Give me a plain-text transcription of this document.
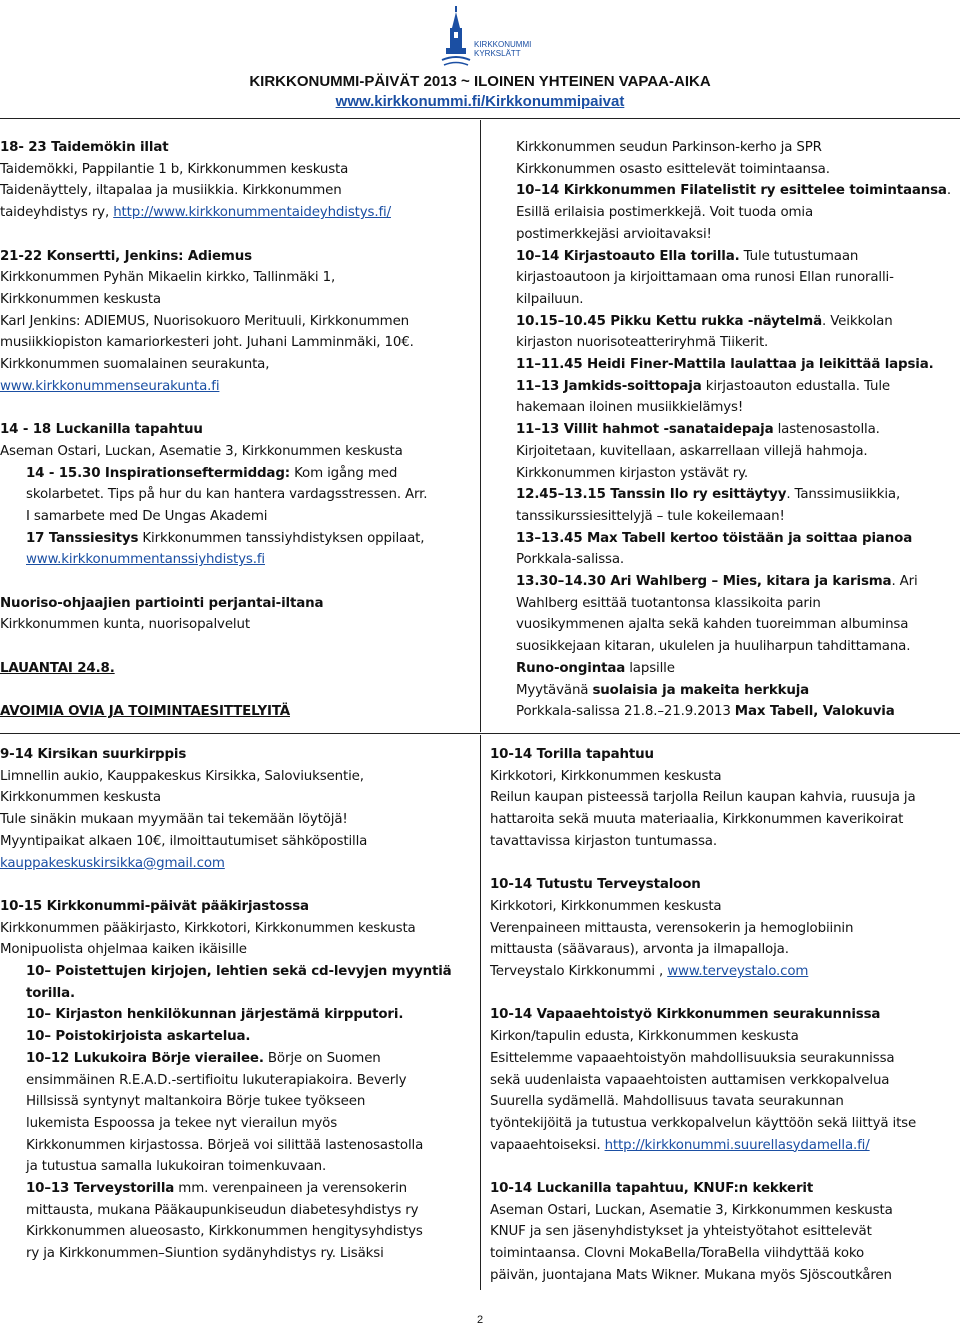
KIRKKONUMMI
KYRKSLÄTT
KIRKKONUMMI-PÄIVÄT 2013 ~ ILOINEN YHTEINEN VAPAA-AIKA
www.kirkkonummi.fi/Kirkkonummipaivat
18- 23 Taidemökin illat
Taidemökki, Pappilantie 1 b, Kirkkonummen keskusta
Taidenäyttely, iltapalaa ja musiikkia. Kirkkonummen
taideyhdistys ry, http://www.kirkkonummentaideyhdistys.fi/
21-22 Konsertti, Jenkins: Adiemus
Kirkkonummen Pyhän Mikaelin kirkko, Tallinmäki 1,
Kirkkonummen keskusta
Karl Jenkins: ADIEMUS, Nuorisokuoro Merituuli, Kirkkonummen
musiikkiopiston kamariorkesteri joht. Juhani Lamminmäki, 10€.
Kirkkonummen suomalainen seurakunta,
www.kirkkonummenseurakunta.fi
14 - 18 Luckanilla tapahtuu
Aseman Ostari, Luckan, Asematie 3, Kirkkonummen keskusta
14 - 15.30 Inspirationseftermiddag: Kom igång med
skolarbetet. Tips på hur du kan hantera vardagsstressen. Arr.
I samarbete med De Ungas Akademi
17 Tanssiesitys Kirkkonummen tanssiyhdistyksen oppilaat,
www.kirkkonummentanssiyhdistys.fi
Nuoriso-ohjaajien partiointi perjantai-iltana
Kirkkonummen kunta, nuorisopalvelut
LAUANTAI 24.8.
AVOIMIA OVIA JA TOIMINTAESITTELYITÄ
Kirkkonummen seudun Parkinson-kerho ja SPR
Kirkkonummen osasto esittelevät toimintaansa.
10–14 Kirkkonummen Filatelistit ry esittelee toimintaansa.
Esillä erilaisia postimerkkejä. Voit tuoda omia
postimerkkejäsi arvioitavaksi!
10–14 Kirjastoauto Ella torilla. Tule tutustumaan
kirjastoautoon ja kirjoittamaan oma runosi Ellan runoralli-
kilpailuun.
10.15–10.45 Pikku Kettu rukka -näytelmä. Veikkolan
kirjaston nuorisoteatteriryhmä Tiikerit.
11–11.45 Heidi Finer-Mattila laulattaa ja leikittää lapsia.
11–13 Jamkids-soittopaja kirjastoauton edustalla. Tule
hakemaan iloinen musiikkielämys!
11–13 Villit hahmot -sanataidepaja lastenosastolla.
Kirjoitetaan, kuvitellaan, askarrellaan villejä hahmoja.
Kirkkonummen kirjaston ystävät ry.
12.45–13.15 Tanssin Ilo ry esittäytyy. Tanssimusiikkia,
tanssikurssiesittelyjä – tule kokeilemaan!
13–13.45 Max Tabell kertoo töistään ja soittaa pianoa
Porkkala-salissa.
13.30–14.30 Ari Wahlberg – Mies, kitara ja karisma. Ari
Wahlberg esittää tuotantonsa klassikoita parin
vuosikymmenen ajalta sekä kahden tuoreimman albuminsa
suosikkejaan kitaran, ukulelen ja huuliharpun tahdittamana.
Runo-ongintaa lapsille
Myytävänä suolaisia ja makeita herkkuja
Porkkala-salissa 21.8.–21.9.2013 Max Tabell, Valokuvia
9-14 Kirsikan suurkirppis
Limnellin aukio, Kauppakeskus Kirsikka, Saloviuksentie,
Kirkkonummen keskusta
Tule sinäkin mukaan myymään tai tekemään löytöjä!
Myyntipaikat alkaen 10€, ilmoittautumiset sähköpostilla
kauppakeskuskirsikka@gmail.com
10-15 Kirkkonummi-päivät pääkirjastossa
Kirkkonummen pääkirjasto, Kirkkotori, Kirkkonummen keskusta
Monipuolista ohjelmaa kaiken ikäisille
10– Poistettujen kirjojen, lehtien sekä cd-levyjen myyntiä
torilla.
10– Kirjaston henkilökunnan järjestämä kirpputori.
10– Poistokirjoista askartelua.
10–12 Lukukoira Börje vierailee. Börje on Suomen
ensimmäinen R.E.A.D.-sertifioitu lukuterapiakoira. Beverly
Hillsissä syntynyt maltankoira Börje tukee työkseen
lukemista Espoossa ja tekee nyt vierailun myös
Kirkkonummen kirjastossa. Börjeä voi silittää lastenosastolla
ja tutustua samalla lukukoiran toimenkuvaan.
10–13 Terveystorilla mm. verenpaineen ja verensokerin
mittausta, mukana Pääkaupunkiseudun diabetesyhdistys ry
Kirkkonummen alueosasto, Kirkkonummen hengitysyhdistys
ry ja Kirkkonummen–Siuntion sydänyhdistys ry. Lisäksi
10-14 Torilla tapahtuu
Kirkkotori, Kirkkonummen keskusta
Reilun kaupan pisteessä tarjolla Reilun kaupan kahvia, ruusuja ja
hattaroita sekä muuta materiaalia, Kirkkonummen kaverikoirat
tavattavissa kirjaston tuntumassa.
10-14 Tutustu Terveystaloon
Kirkkotori, Kirkkonummen keskusta
Verenpaineen mittausta, verensokerin ja hemoglobiinin
mittausta (säävaraus), arvonta ja ilmapalloja.
Terveystalo Kirkkonummi , www.terveystalo.com
10-14 Vapaaehtoistyö Kirkkonummen seurakunnissa
Kirkon/tapulin edusta, Kirkkonummen keskusta
Esittelemme vapaaehtoistyön mahdollisuuksia seurakunnissa
sekä uudenlaista vapaaehtoisten auttamisen verkkopalvelua
Suurella sydämellä. Mahdollisuus tavata seurakunnan
työntekijöitä ja tutustua verkkopalvelun käyttöön sekä liittyä itse
vapaaehtoiseksi. http://kirkkonummi.suurellasydamella.fi/
10-14 Luckanilla tapahtuu, KNUF:n kekkerit
Aseman Ostari, Luckan, Asematie 3, Kirkkonummen keskusta
KNUF ja sen jäsenyhdistykset ja yhteistyötahot esittelevät
toimintaansa. Clovni MokaBella/ToraBella viihdyttää koko
päivän, juontajana Mats Wikner. Mukana myös Sjöscoutkåren
2
